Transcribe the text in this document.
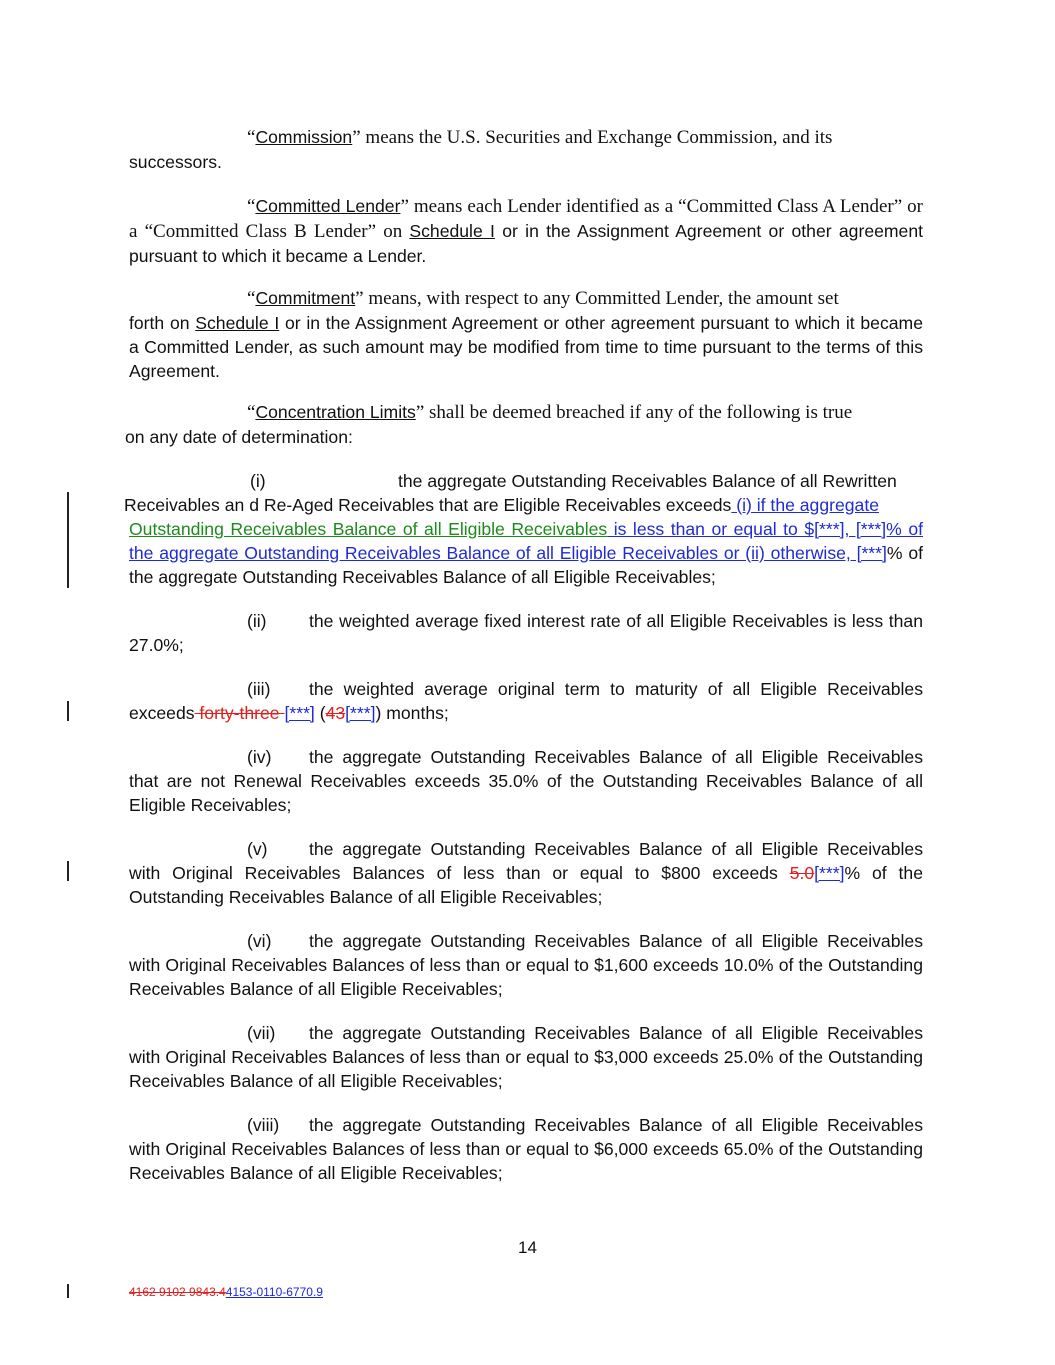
“Commission” means the U.S. Securities and Exchange Commission, and its
successors.

“Committed Lender” means each Lender identified as a “Committed Class A Lender” or a “Committed Class B Lender” on Schedule I or in the Assignment Agreement or other agreement pursuant to which it became a Lender.

“Commitment” means, with respect to any Committed Lender, the amount set
forth on Schedule I or in the Assignment Agreement or other agreement pursuant to which it became a Committed Lender, as such amount may be modified from time to time pursuant to the terms of this Agreement.

“Concentration Limits” shall be deemed breached if any of the following is true
on any date of determination:

(i)	the aggregate Outstanding Receivables Balance of all Rewritten
Receivables an d Re-Aged Receivables that are Eligible Receivables exceeds (i) if the aggregate

Outstanding Receivables Balance of all Eligible Receivables is less than or equal to $[***], [***]% of the aggregate Outstanding Receivables Balance of all Eligible Receivables or (ii) otherwise, [***]% of the aggregate Outstanding Receivables Balance of all Eligible Receivables;

(ii) the weighted average fixed interest rate of all Eligible Receivables is less than 27.0%;

(iii) the weighted average original term to maturity of all Eligible Receivables exceeds forty-three [***] (43[***]) months;

(iv) the aggregate Outstanding Receivables Balance of all Eligible Receivables that are not Renewal Receivables exceeds 35.0% of the Outstanding Receivables Balance of all Eligible Receivables;

(v) the aggregate Outstanding Receivables Balance of all Eligible Receivables with Original Receivables Balances of less than or equal to $800 exceeds 5.0[***]% of the Outstanding Receivables Balance of all Eligible Receivables;

(vi) the aggregate Outstanding Receivables Balance of all Eligible Receivables with Original Receivables Balances of less than or equal to $1,600 exceeds 10.0% of the Outstanding Receivables Balance of all Eligible Receivables;

(vii) the aggregate Outstanding Receivables Balance of all Eligible Receivables with Original Receivables Balances of less than or equal to $3,000 exceeds 25.0% of the Outstanding Receivables Balance of all Eligible Receivables;

(viii) the aggregate Outstanding Receivables Balance of all Eligible Receivables with Original Receivables Balances of less than or equal to $6,000 exceeds 65.0% of the Outstanding Receivables Balance of all Eligible Receivables;

14
4162 9102 9843.44153-0110-6770.9
